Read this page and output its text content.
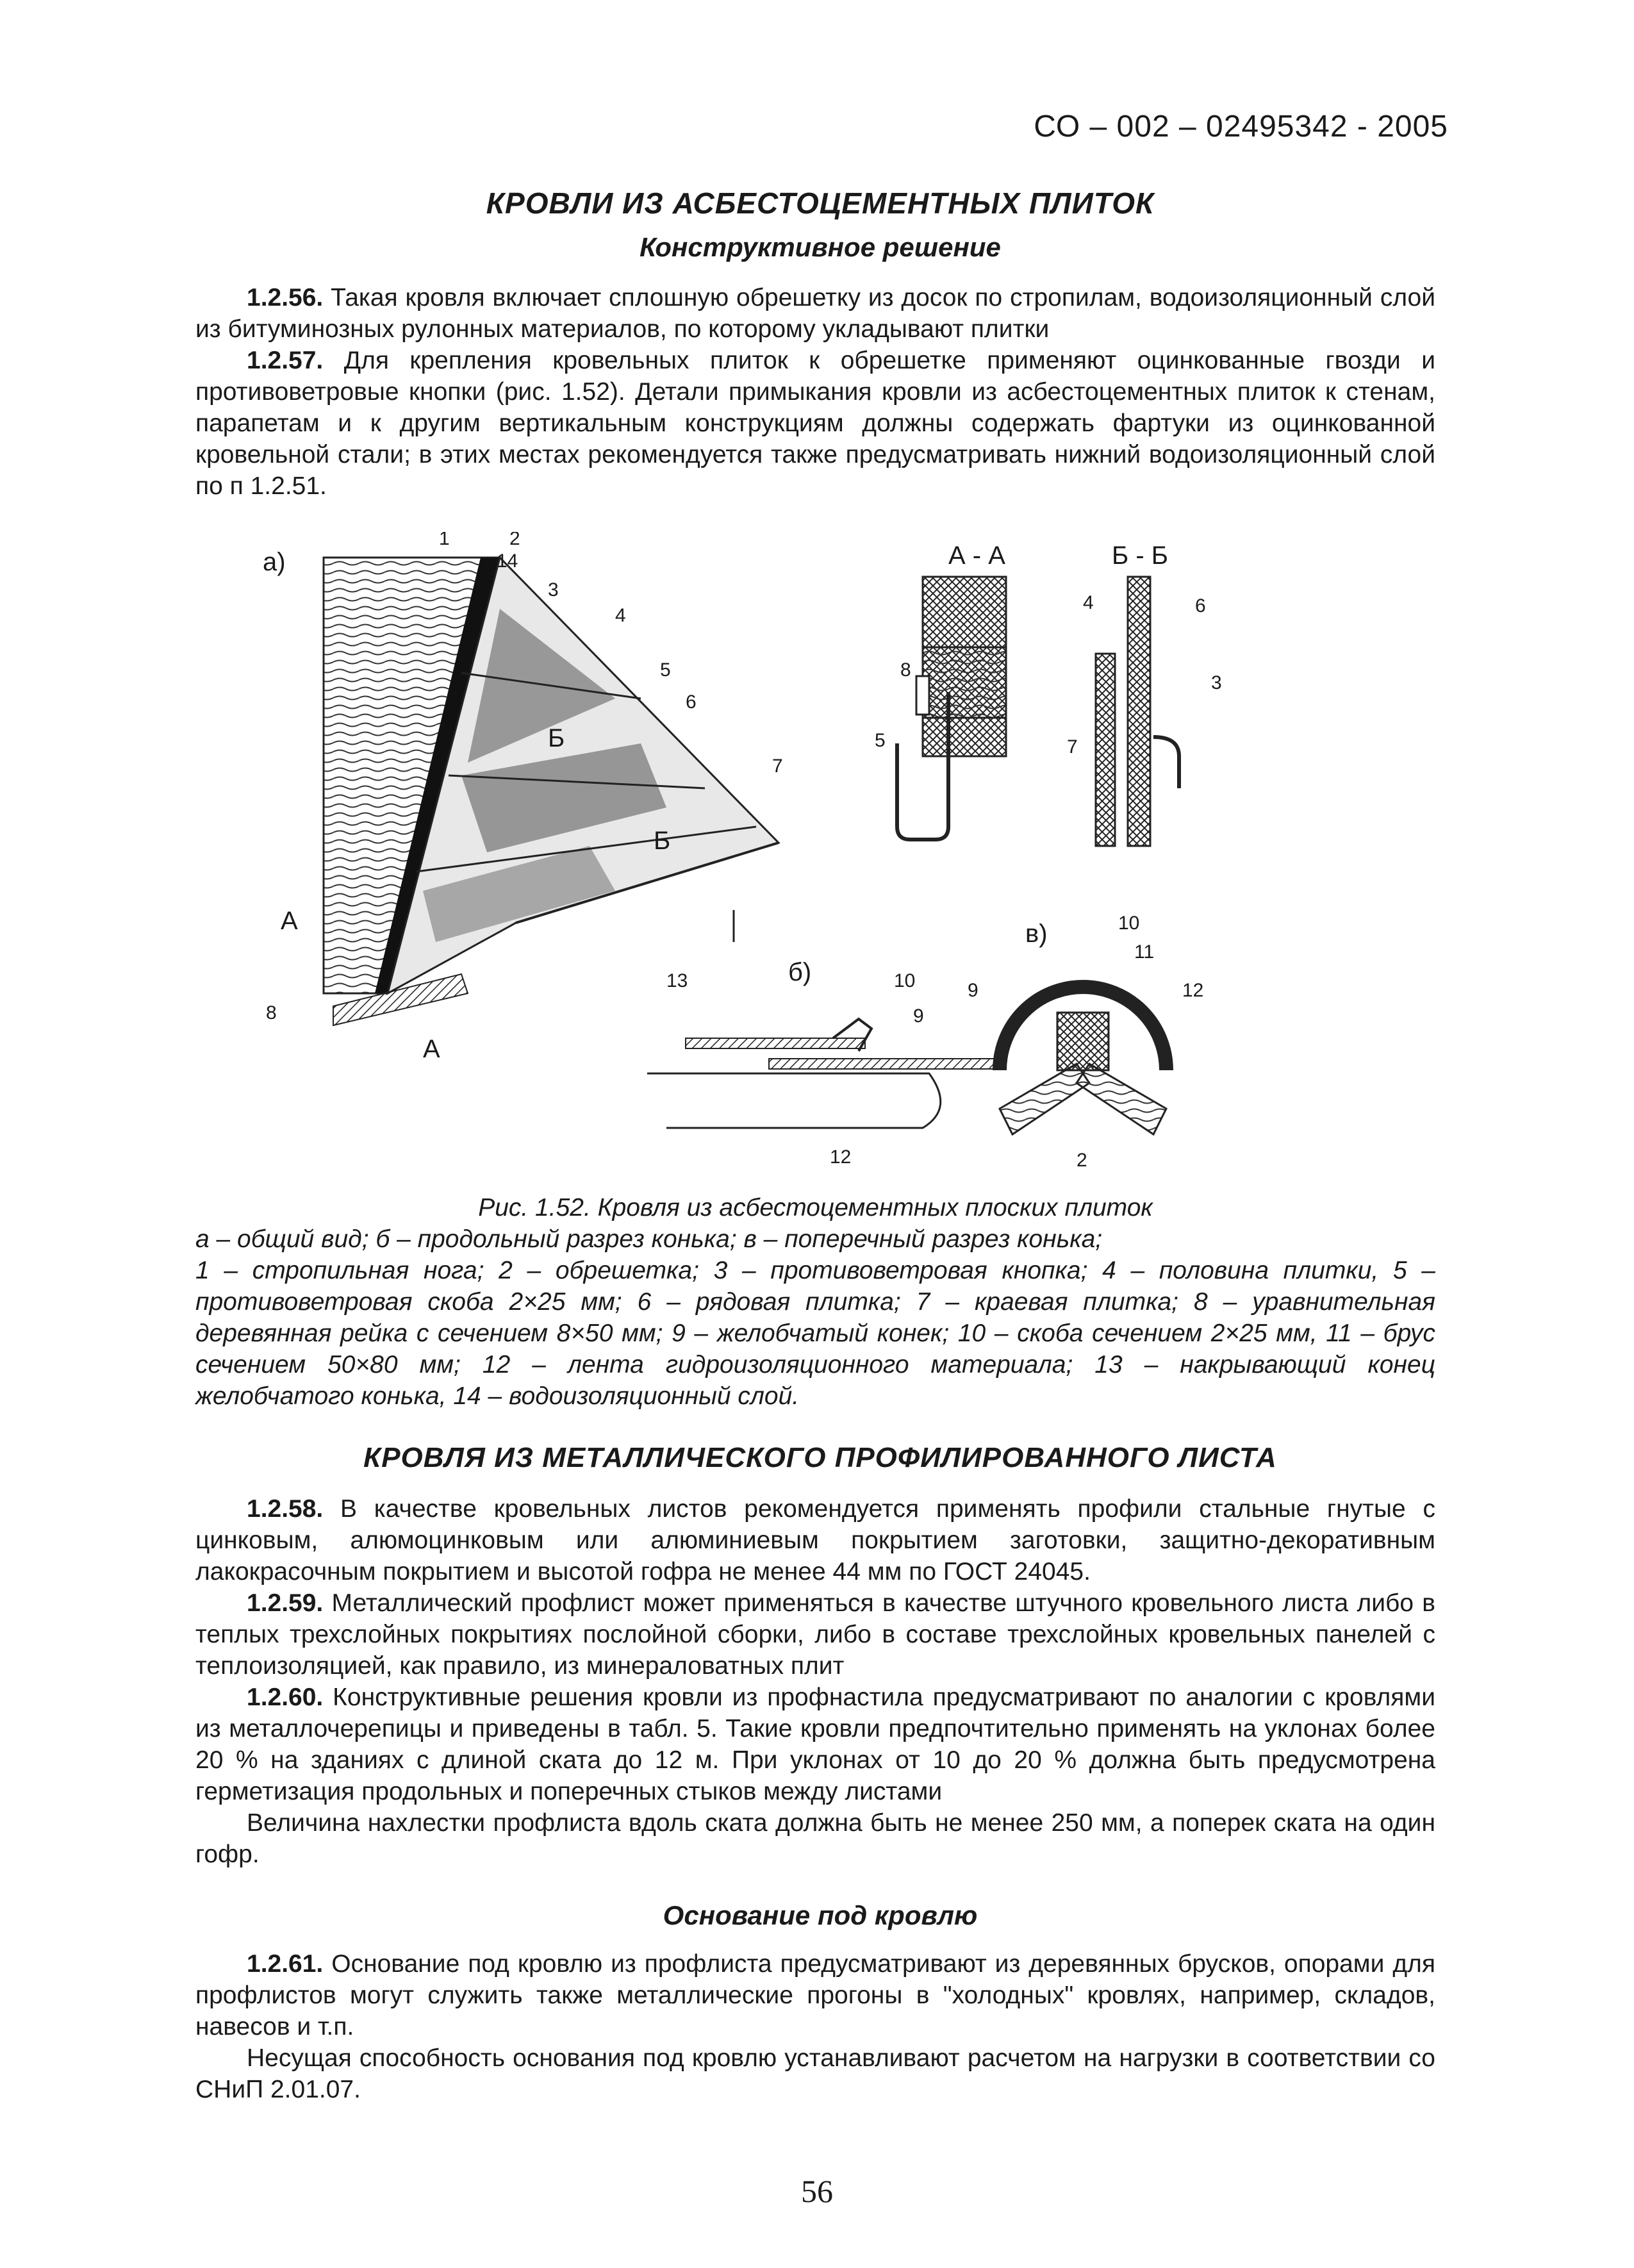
СО – 002 – 02495342 - 2005
КРОВЛИ ИЗ АСБЕСТОЦЕМЕНТНЫХ ПЛИТОК
Конструктивное решение

1.2.56. Такая кровля включает сплошную обрешетку из досок по стропилам, водоизоляционный слой из битуминозных рулонных материалов, по которому укладывают плитки

1.2.57. Для крепления кровельных плиток к обрешетке применяют оцинкованные гвозди и противоветровые кнопки (рис. 1.52). Детали примыкания кровли из асбестоцементных плиток к стенам, парапетам и к другим вертикальным конструкциям должны содержать фартуки из оцинкованной кровельной стали; в этих местах рекомендуется также предусматривать нижний водоизоляционный слой по п 1.2.51.

а)
А
А
Б
Б
1	2
3
4
5
6
7
8
14	А - А
5
8
Б - Б
4	6
3
7
б)
13	10
9
12
в)	10
11
12
9
2
Рис. 1.52. Кровля из асбестоцементных плоских плиток
а – общий вид; б – продольный разрез конька; в – поперечный разрез конька;
1 – стропильная нога; 2 – обрешетка; 3 – противоветровая кнопка; 4 – половина плитки, 5 – противоветровая скоба 2×25 мм; 6 – рядовая плитка; 7 – краевая плитка; 8 – уравнительная деревянная рейка с сечением 8×50 мм; 9 – желобчатый конек; 10 – скоба сечением 2×25 мм, 11 – брус сечением 50×80 мм; 12 – лента гидроизоляционного материала; 13 – накрывающий конец желобчатого конька, 14 – водоизоляционный слой.
КРОВЛЯ ИЗ МЕТАЛЛИЧЕСКОГО ПРОФИЛИРОВАННОГО ЛИСТА

1.2.58. В качестве кровельных листов рекомендуется применять профили стальные гнутые с цинковым, алюмоцинковым или алюминиевым покрытием заготовки, защитно-декоративным лакокрасочным покрытием и высотой гофра не менее 44 мм по ГОСТ 24045.

1.2.59. Металлический профлист может применяться в качестве штучного кровельного листа либо в теплых трехслойных покрытиях послойной сборки, либо в составе трехслойных кровельных панелей с теплоизоляцией, как правило, из минераловатных плит

1.2.60. Конструктивные решения кровли из профнастила предусматривают по аналогии с кровлями из металлочерепицы и приведены в табл. 5. Такие кровли предпочтительно применять на уклонах более 20 % на зданиях с длиной ската до 12 м. При уклонах от 10 до 20 % должна быть предусмотрена герметизация продольных и поперечных стыков между листами

Величина нахлестки профлиста вдоль ската должна быть не менее 250 мм, а поперек ската на один гофр.

Основание под кровлю

1.2.61. Основание под кровлю из профлиста предусматривают из деревянных брусков, опорами для профлистов могут служить также металлические прогоны в "холодных" кровлях, например, складов, навесов и т.п.

Несущая способность основания под кровлю устанавливают расчетом на нагрузки в соответствии со СНиП 2.01.07.

56
